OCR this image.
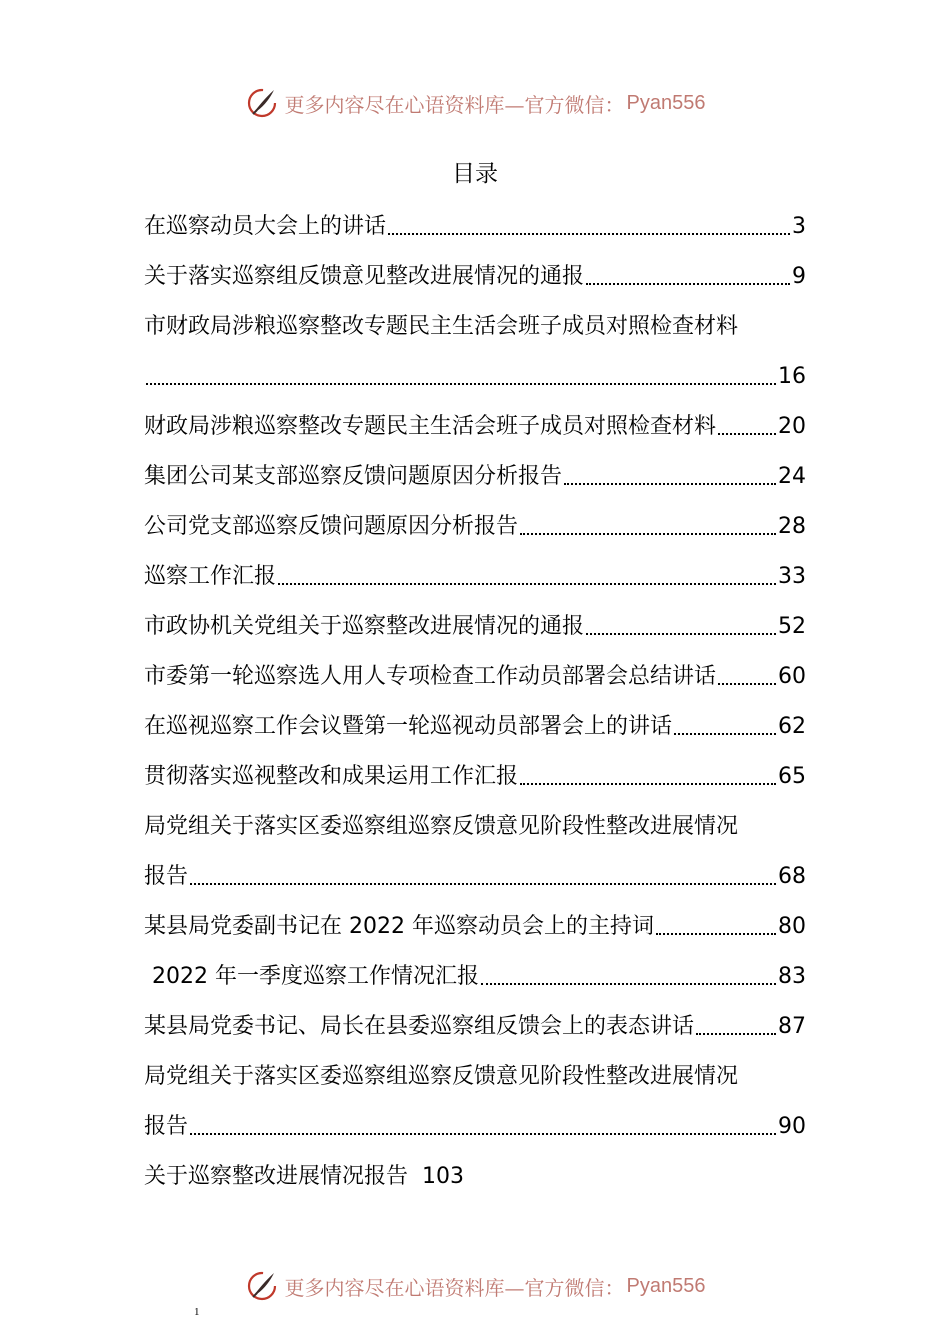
更多内容尽在心语资料库—官方微信： Pyan556
目录
在巡察动员大会上的讲话	3
关于落实巡察组反馈意见整改进展情况的通报	9
市财政局涉粮巡察整改专题民主生活会班子成员对照检查材料
16
财政局涉粮巡察整改专题民主生活会班子成员对照检查材料	20
集团公司某支部巡察反馈问题原因分析报告	24
公司党支部巡察反馈问题原因分析报告	28
巡察工作汇报	33
市政协机关党组关于巡察整改进展情况的通报	52
市委第一轮巡察选人用人专项检查工作动员部署会总结讲话	60
在巡视巡察工作会议暨第一轮巡视动员部署会上的讲话	62
贯彻落实巡视整改和成果运用工作汇报	65
局党组关于落实区委巡察组巡察反馈意见阶段性整改进展情况
报告	68
某县局党委副书记在 2022 年巡察动员会上的主持词	80
2022 年一季度巡察工作情况汇报	83
某县局党委书记、局长在县委巡察组反馈会上的表态讲话	87
局党组关于落实区委巡察组巡察反馈意见阶段性整改进展情况
报告	90
关于巡察整改进展情况报告 103
更多内容尽在心语资料库—官方微信： Pyan556
1
